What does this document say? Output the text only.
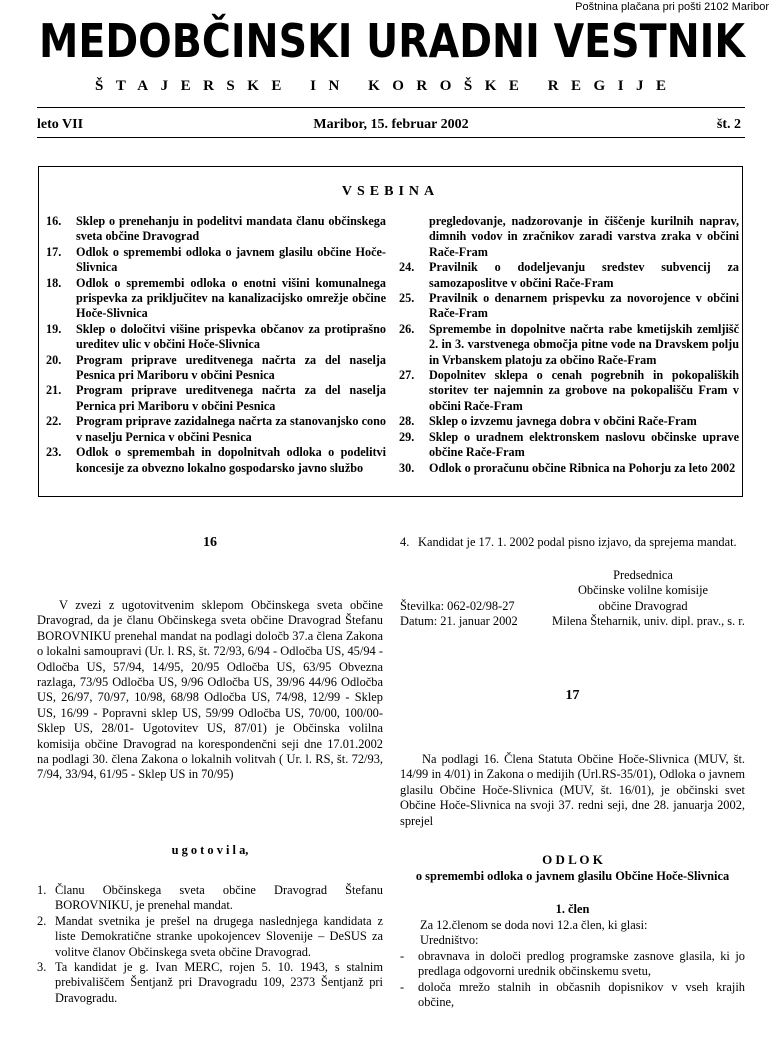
Poštnina plačana pri pošti 2102 Maribor
MEDOBČINSKI URADNI VESTNIK
ŠTAJERSKE IN KOROŠKE REGIJE
leto VII	Maribor, 15. februar 2002	št. 2
VSEBINA
16.	Sklep o prenehanju in podelitvi mandata članu občinskega sveta občine Dravograd
17.	Odlok o spremembi odloka o javnem glasilu občine Hoče-Slivnica
18.	Odlok o spremembi odloka o enotni višini komunalnega prispevka za priključitev na kanalizacijsko omrežje občine Hoče-Slivnica
19.	Sklep o določitvi višine prispevka občanov za protiprašno ureditev ulic v občini Hoče-Slivnica
20.	Program priprave ureditvenega načrta za del naselja Pesnica pri Mariboru v občini Pesnica
21.	Program priprave ureditvenega načrta za del naselja Pernica pri Mariboru v občini Pesnica
22.	Program priprave zazidalnega načrta za stanovanjsko cono v naselju Pernica v občini Pesnica
23.	Odlok o spremembah in dopolnitvah odloka o podelitvi koncesije za obvezno lokalno gospodarsko javno službo
pregledovanje, nadzorovanje in čiščenje kurilnih naprav, dimnih vodov in zračnikov zaradi varstva zraka v občini Rače-Fram
24.	Pravilnik o dodeljevanju sredstev subvencij za samozaposlitve v občini Rače-Fram
25.	Pravilnik o denarnem prispevku za novorojence v občini Rače-Fram
26.	Spremembe in dopolnitve načrta rabe kmetijskih zemljišč 2. in 3. varstvenega območja pitne vode na Dravskem polju in Vrbanskem platoju za občino Rače-Fram
27.	Dopolnitev sklepa o cenah pogrebnih in pokopaliških storitev ter najemnin za grobove na pokopališču Fram v občini Rače-Fram
28.	Sklep o izvzemu javnega dobra v občini Rače-Fram
29.	Sklep o uradnem elektronskem naslovu občinske uprave občine Rače-Fram
30.	Odlok o proračunu občine Ribnica na Pohorju za leto 2002
16
V zvezi z ugotovitvenim sklepom Občinskega sveta občine Dravograd, da je članu Občinskega sveta občine Dravograd Štefanu BOROVNIKU prenehal mandat na podlagi določb 37.a člena Zakona o lokalni samoupravi (Ur. l. RS, št. 72/93, 6/94 - Odločba US, 45/94 - Odločba US, 57/94, 14/95, 20/95 Odločba US, 63/95 Obvezna razlaga, 73/95 Odločba US, 9/96 Odločba US, 39/96 44/96 Odločba US, 26/97, 70/97, 10/98, 68/98 Odločba US, 74/98, 12/99 - Sklep US, 16/99 - Popravni sklep US, 59/99 Odločba US, 70/00, 100/00- Sklep US, 28/01- Ugotovitev US, 87/01) je Občinska volilna komisija občine Dravograd na korespondenčni seji dne 17.01.2002 na podlagi 30. člena Zakona o lokalnih volitvah ( Ur. l. RS, št. 72/93, 7/94, 33/94, 61/95 - Sklep US in 70/95)
u g o t o v i l a,
1. Članu Občinskega sveta občine Dravograd Štefanu BOROVNIKU, je prenehal mandat.
2. Mandat svetnika je prešel na drugega naslednjega kandidata z liste Demokratične stranke upokojencev Slovenije – DeSUS za volitve članov Občinskega sveta občine Dravograd.
3. Ta kandidat je g. Ivan MERC, rojen 5. 10. 1943, s stalnim prebivališčem Šentjanž pri Dravogradu 109, 2373 Šentjanž pri Dravogradu.
4. Kandidat je 17. 1. 2002 podal pisno izjavo, da sprejema mandat.
Predsednica
Občinske volilne komisije
občine Dravograd
Številka: 062-02/98-27
Datum: 21. januar 2002	Milena Šteharnik, univ. dipl. prav., s. r.
17
Na podlagi 16. Člena Statuta Občine Hoče-Slivnica (MUV, št. 14/99 in 4/01) in Zakona o medijih (Url.RS-35/01), Odloka o javnem glasilu Občine Hoče-Slivnica (MUV, št. 16/01), je občinski svet Občine Hoče-Slivnica na svoji 37. redni seji, dne 28. januarja 2002, sprejel
O D L O K
o spremembi odloka o javnem glasilu Občine Hoče-Slivnica
1. člen
Za 12.členom se doda novi 12.a člen, ki glasi:
Uredništvo:
-	obravnava in določi predlog programske zasnove glasila, ki jo predlaga odgovorni urednik občinskemu svetu,
-	določa mrežo stalnih in občasnih dopisnikov v vseh krajih občine,
